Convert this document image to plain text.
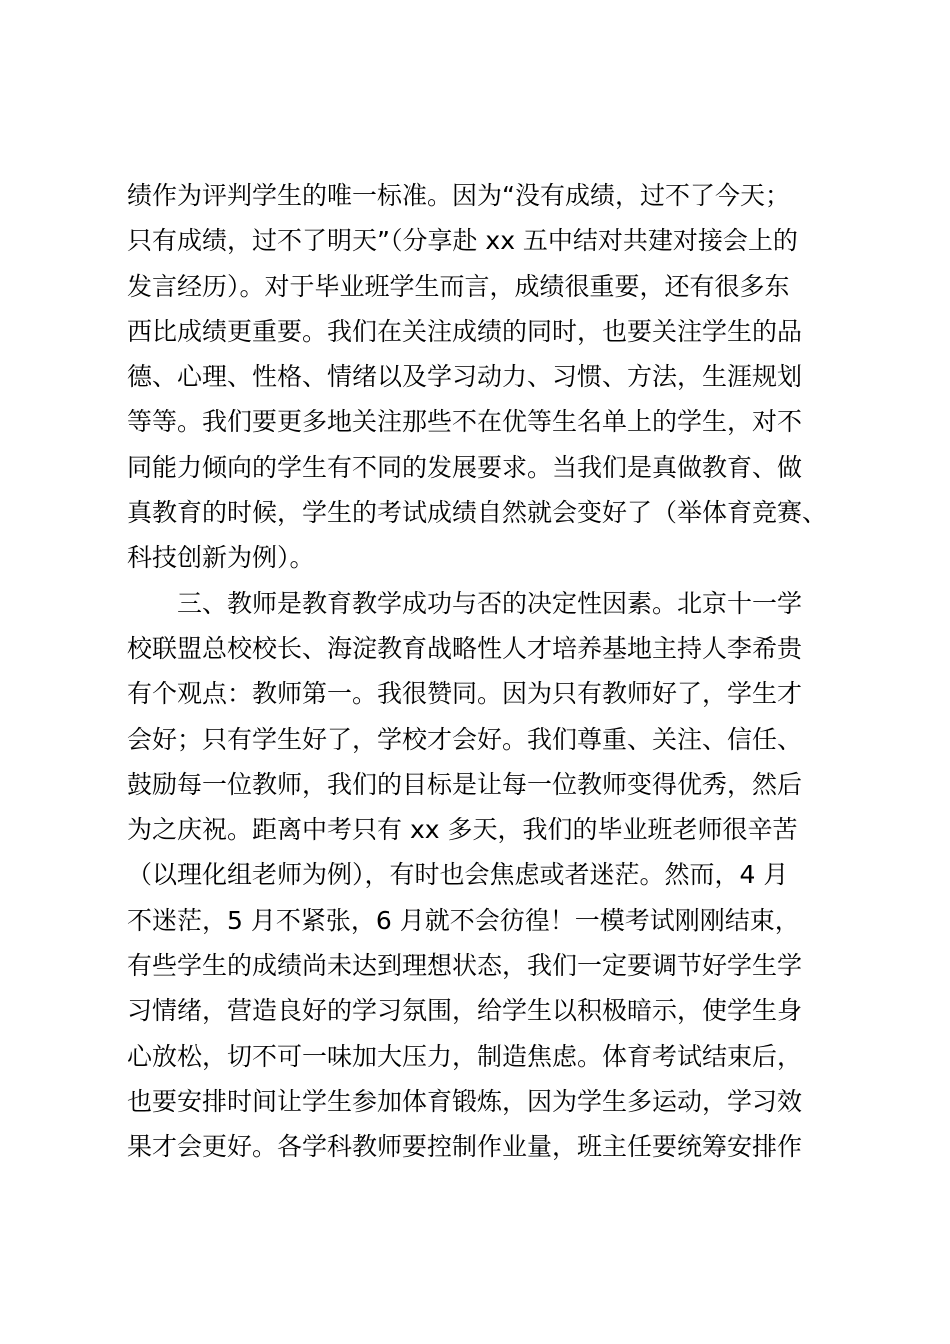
绩作为评判学生的唯一标准。因为“没有成绩，过不了今天；
只有成绩，过不了明天”（分享赴 xx 五中结对共建对接会上的
发言经历）。对于毕业班学生而言，成绩很重要，还有很多东
西比成绩更重要。我们在关注成绩的同时，也要关注学生的品
德、心理、性格、情绪以及学习动力、习惯、方法，生涯规划
等等。我们要更多地关注那些不在优等生名单上的学生，对不
同能力倾向的学生有不同的发展要求。当我们是真做教育、做
真教育的时候，学生的考试成绩自然就会变好了（举体育竞赛、
科技创新为例）。
三、教师是教育教学成功与否的决定性因素。北京十一学
校联盟总校校长、海淀教育战略性人才培养基地主持人李希贵
有个观点：教师第一。我很赞同。因为只有教师好了，学生才
会好；只有学生好了，学校才会好。我们尊重、关注、信任、
鼓励每一位教师，我们的目标是让每一位教师变得优秀，然后
为之庆祝。距离中考只有 xx 多天，我们的毕业班老师很辛苦
（以理化组老师为例），有时也会焦虑或者迷茫。然而，4 月
不迷茫，5 月不紧张，6 月就不会彷徨！一模考试刚刚结束，
有些学生的成绩尚未达到理想状态，我们一定要调节好学生学
习情绪，营造良好的学习氛围，给学生以积极暗示，使学生身
心放松，切不可一味加大压力，制造焦虑。体育考试结束后，
也要安排时间让学生参加体育锻炼，因为学生多运动，学习效
果才会更好。各学科教师要控制作业量，班主任要统筹安排作
